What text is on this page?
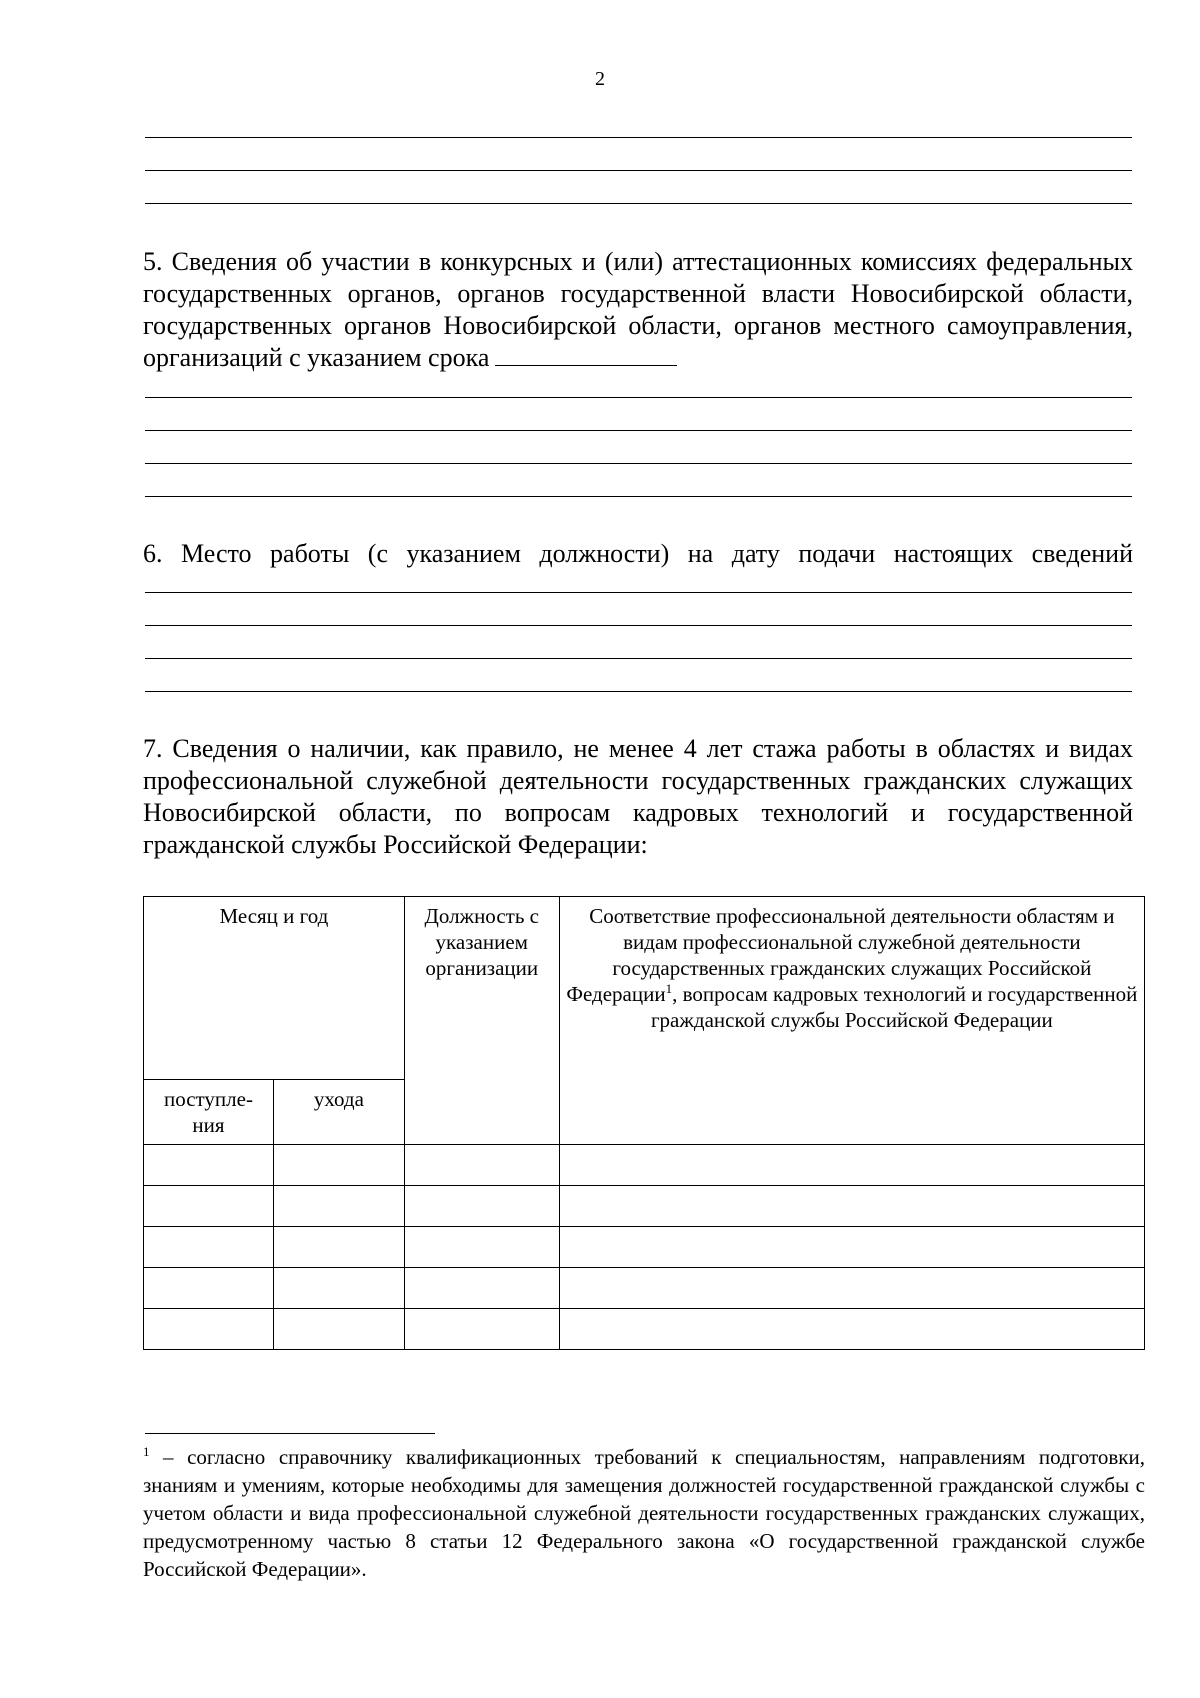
2
5. Сведения об участии в конкурсных и (или) аттестационных комиссиях федеральных государственных органов, органов государственной власти Новосибирской области, государственных органов Новосибирской области, органов местного самоуправления, организаций с указанием срока
6. Место работы (с указанием должности) на дату подачи настоящих сведений
7. Сведения о наличии, как правило, не менее 4 лет стажа работы в областях и видах профессиональной служебной деятельности государственных гражданских служащих Новосибирской области, по вопросам кадровых технологий и государственной гражданской службы Российской Федерации:
Месяц и год		Должность с указанием организации	Соответствие профессиональной деятельности областям и видам профессиональной служебной деятельности государственных гражданских служащих Российской Федерации$^1$, вопросам кадровых технологий и государственной гражданской службы Российской Федерации
поступле-ния	ухода		

$^1$ – согласно справочнику квалификационных требований к специальностям, направлениям подготовки, знаниям и умениям, которые необходимы для замещения должностей государственной гражданской службы с учетом области и вида профессиональной служебной деятельности государственных гражданских служащих, предусмотренному частью 8 статьи 12 Федерального закона «О государственной гражданской службе Российской Федерации».
